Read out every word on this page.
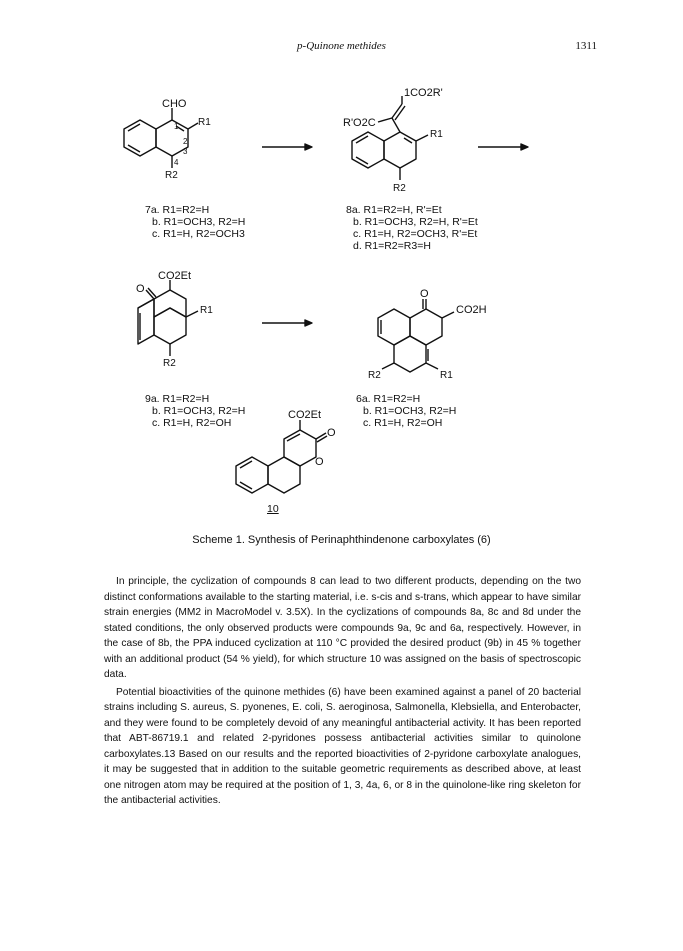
p-Quinone methides	1311
CHO
R1
R2
1
2
3
4
1CO2R'
R'O2C
R1
R2
CO2Et
O
R1
R2
O
CO2H
R2	R1
CO2Et
O
O
7a. R1=R2=H
b. R1=OCH3, R2=H
c. R1=H, R2=OCH3
8a. R1=R2=H, R'=Et
b. R1=OCH3, R2=H, R'=Et
c. R1=H, R2=OCH3, R'=Et
d. R1=R2=R3=H
9a. R1=R2=H
b. R1=OCH3, R2=H
c. R1=H, R2=OH
6a. R1=R2=H
b. R1=OCH3, R2=H
c. R1=H, R2=OH
10
Scheme 1. Synthesis of Perinaphthindenone carboxylates (6)

In principle, the cyclization of compounds 8 can lead to two different products, depending on the two distinct conformations available to the starting material, i.e. s-cis and s-trans, which appear to have similar strain energies (MM2 in MacroModel v. 3.5X). In the cyclizations of compounds 8a, 8c and 8d under the stated conditions, the only observed products were compounds 9a, 9c and 6a, respectively. However, in the case of 8b, the PPA induced cyclization at 110 °C provided the desired product (9b) in 45 % together with an additional product (54 % yield), for which structure 10 was assigned on the basis of spectroscopic data.

Potential bioactivities of the quinone methides (6) have been examined against a panel of 20 bacterial strains including S. aureus, S. pyonenes, E. coli, S. aeroginosa, Salmonella, Klebsiella, and Enterobacter, and they were found to be completely devoid of any meaningful antibacterial activity. It has been reported that ABT-86719.1 and related 2-pyridones possess antibacterial activities similar to quinolone carboxylates.13 Based on our results and the reported bioactivities of 2-pyridone carboxylate analogues, it may be suggested that in addition to the suitable geometric requirements as described above, at least one nitrogen atom may be required at the position of 1, 3, 4a, 6, or 8 in the quinolone-like ring skeleton for the antibacterial activities.
